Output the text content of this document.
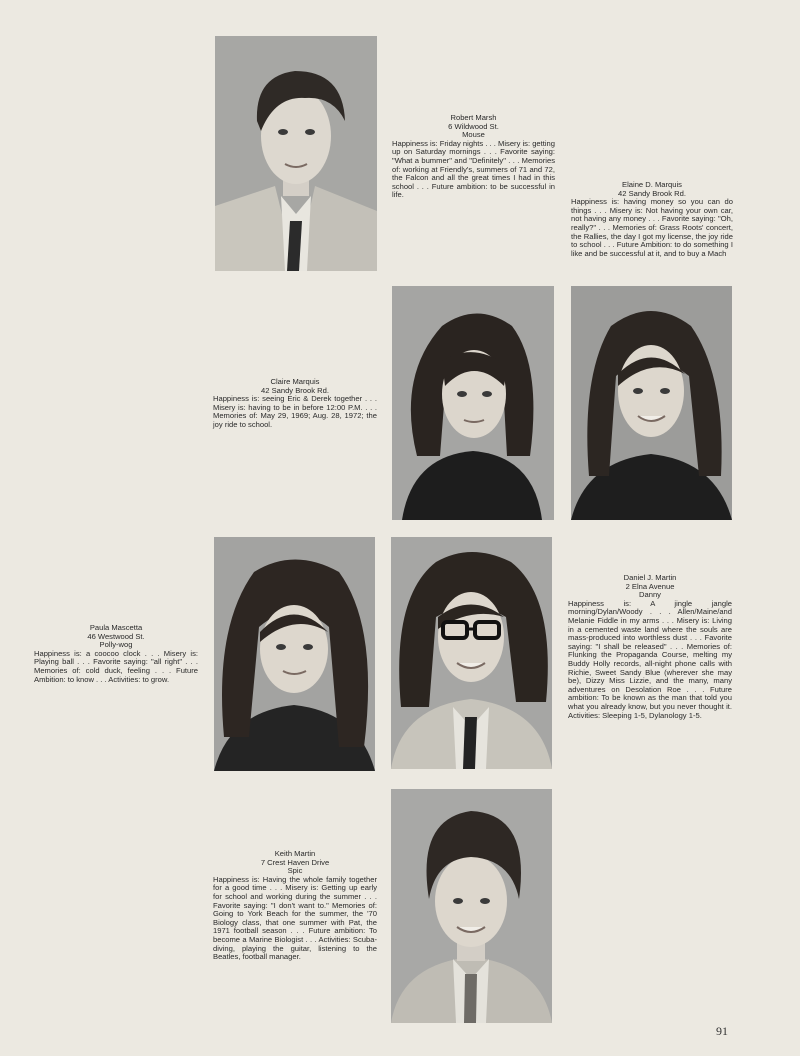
Robert Marsh
6 Wildwood St.
Mouse
Happiness is: Friday nights . . . Misery is: getting up on Saturday mornings . . . Favorite saying: "What a bummer" and "Definitely" . . . Memories of: working at Friendly's, summers of 71 and 72, the Falcon and all the great times I had in this school . . . Future ambition: to be successful in life.
Elaine D. Marquis
42 Sandy Brook Rd.
Happiness is: having money so you can do things . . . Misery is: Not having your own car, not having any money . . . Favorite saying: "Oh, really?" . . . Memories of: Grass Roots' concert, the Rallies, the day I got my license, the joy ride to school . . . Future Ambition: to do something I like and be successful at it, and to buy a Mach
Claire Marquis
42 Sandy Brook Rd.
Happiness is: seeing Eric & Derek together . . . Misery is: having to be in before 12:00 P.M. . . . Memories of: May 29, 1969; Aug. 28, 1972; the joy ride to school.
Paula Mascetta
46 Westwood St.
Polly-wog
Happiness is: a coocoo clock . . . Misery is: Playing ball . . . Favorite saying: "all right" . . . Memories of: cold duck, feeling . . . Future Ambition: to know . . . Activities: to grow.
Daniel J. Martin
2 Elna Avenue
Danny
Happiness is: A jingle jangle morning/Dylan/Woody . . . Allen/Maine/and Melanie Fiddle in my arms . . . Misery is: Living in a cemented waste land where the souls are mass-produced into worthless dust . . . Favorite saying: "I shall be released" . . . Memories of: Flunking the Propaganda Course, melting my Buddy Holly records, all-night phone calls with Richie, Sweet Sandy Blue (wherever she may be), Dizzy Miss Lizzie, and the many, many adventures on Desolation Roe . . . Future ambition: To be known as the man that told you what you already know, but you never thought it. Activities: Sleeping 1-5, Dylanology 1-5.
Keith Martin
7 Crest Haven Drive
Spic
Happiness is: Having the whole family together for a good time . . . Misery is: Getting up early for school and working during the summer . . . Favorite saying: "I don't want to." Memories of: Going to York Beach for the summer, the '70 Biology class, that one summer with Pat, the 1971 football season . . . Future ambition: To become a Marine Biologist . . . Activities: Scuba-diving, playing the guitar, listening to the Beatles, football manager.
91
